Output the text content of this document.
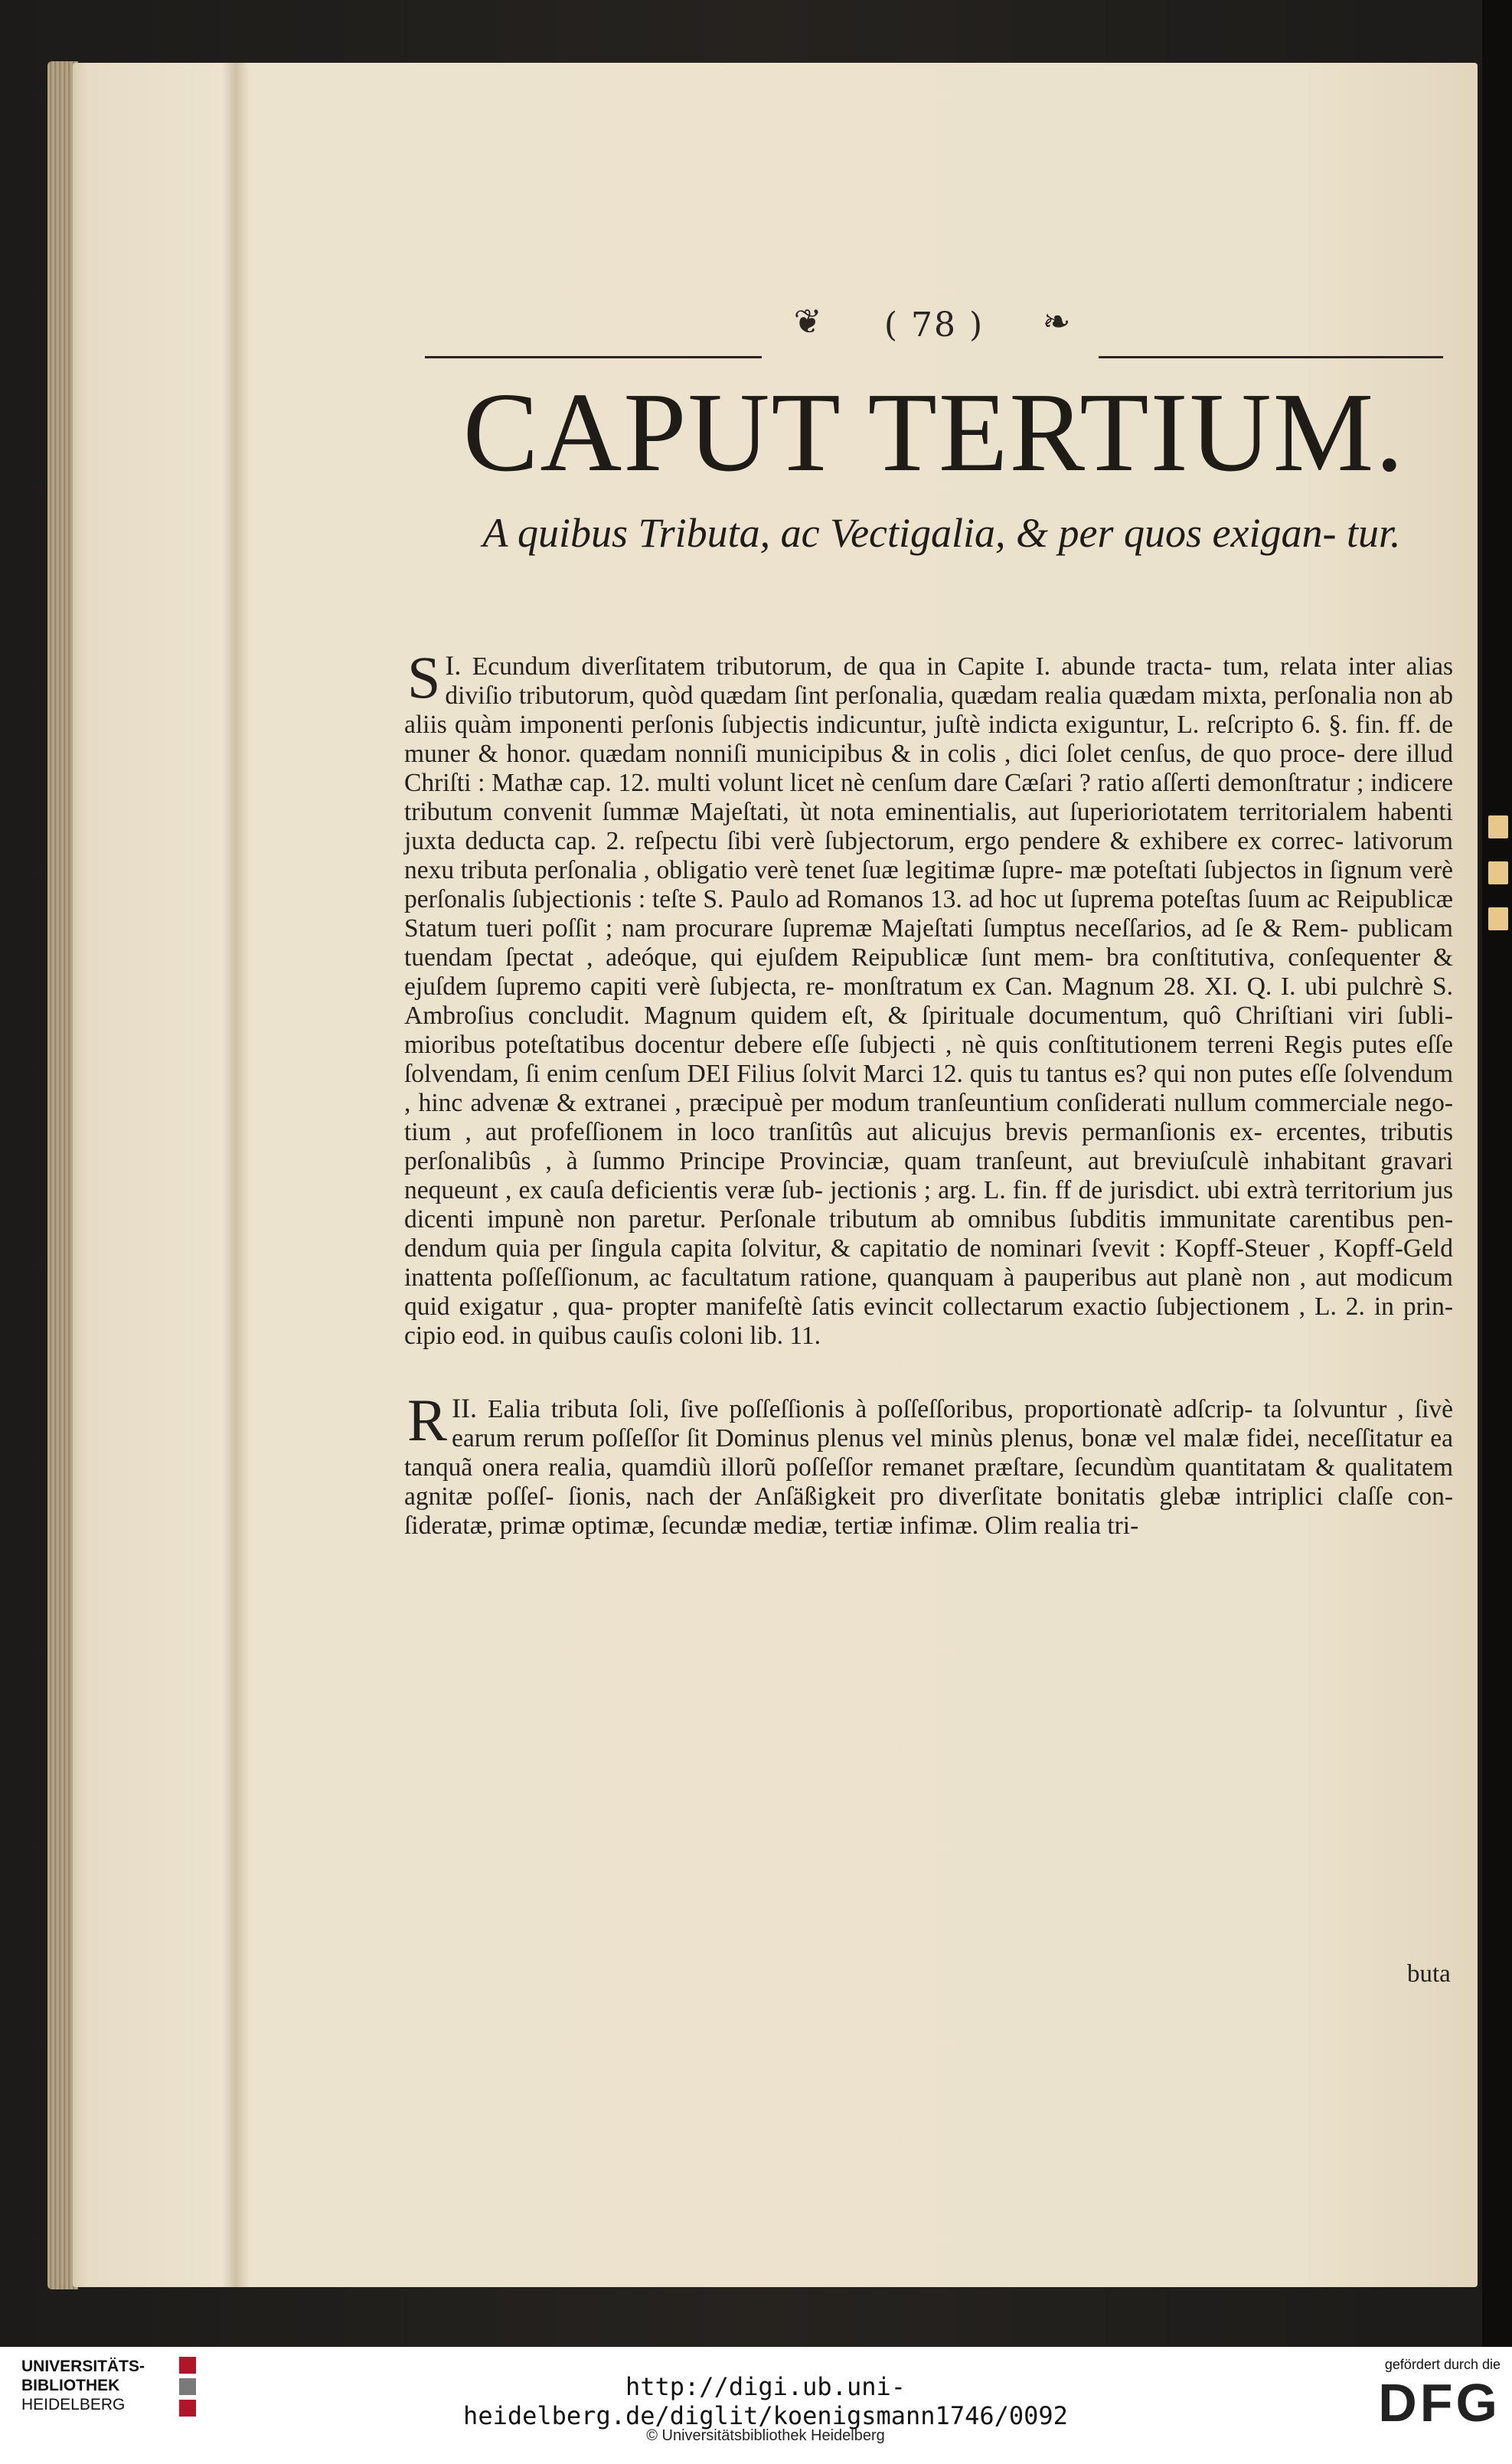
❦	( 78 )	❧
CAPUT TERTIUM.
A quibus Tributa, ac Vectigalia, & per quos exigan- tur.

I.
S Ecundum diverſitatem tributorum, de qua in Capite I. abunde tracta- tum, relata inter alias diviſio tributorum, quòd quædam ſint perſonalia, quædam realia quædam mixta, perſonalia non ab aliis quàm imponenti perſonis ſubjectis indicuntur, juſtè indicta exiguntur, L. reſcripto 6. §. fin. ff. de muner & honor. quædam nonniſi municipibus & in colis , dici ſolet cenſus, de quo proce- dere illud Chriſti : Mathæ cap. 12. multi volunt licet nè cenſum dare Cæſari ? ratio aſſerti demonſtratur ; indicere tributum convenit ſummæ Majeſtati, ùt nota eminentialis, aut ſuperioriotatem territorialem habenti juxta deducta cap. 2. reſpectu ſibi verè ſubjectorum, ergo pendere & exhibere ex correc- lativorum nexu tributa perſonalia , obligatio verè tenet ſuæ legitimæ ſupre- mæ poteſtati ſubjectos in ſignum verè perſonalis ſubjectionis : teſte S. Paulo ad Romanos 13. ad hoc ut ſuprema poteſtas ſuum ac Reipublicæ Statum tueri poſſit ; nam procurare ſupremæ Majeſtati ſumptus neceſſarios, ad ſe & Rem- publicam tuendam ſpectat , adeóque, qui ejuſdem Reipublicæ ſunt mem- bra conſtitutiva, conſequenter & ejuſdem ſupremo capiti verè ſubjecta, re- monſtratum ex Can. Magnum 28. XI. Q. I. ubi pulchrè S. Ambroſius concludit. Magnum quidem eſt, & ſpirituale documentum, quô Chriſtiani viri ſubli- mioribus poteſtatibus docentur debere eſſe ſubjecti , nè quis conſtitutionem terreni Regis putes eſſe ſolvendam, ſi enim cenſum DEI Filius ſolvit Marci 12. quis tu tantus es? qui non putes eſſe ſolvendum , hinc advenæ & extranei , præcipuè per modum tranſeuntium conſiderati nullum commerciale nego- tium , aut profeſſionem in loco tranſitûs aut alicujus brevis permanſionis ex- ercentes, tributis perſonalibûs , à ſummo Principe Provinciæ, quam tranſeunt, aut breviuſculè inhabitant gravari nequeunt , ex cauſa deficientis veræ ſub- jectionis ; arg. L. fin. ff de jurisdict. ubi extrà territorium jus dicenti impunè non paretur. Perſonale tributum ab omnibus ſubditis immunitate carentibus pen- dendum quia per ſingula capita ſolvitur, & capitatio de nominari ſvevit : Kopff-Steuer , Kopff-Geld inattenta poſſeſſionum, ac facultatum ratione, quanquam à pauperibus aut planè non , aut modicum quid exigatur , qua- propter manifeſtè ſatis evincit collectarum exactio ſubjectionem , L. 2. in prin- cipio eod. in quibus cauſis coloni lib. 11.

II.
R Ealia tributa ſoli, ſive poſſeſſionis à poſſeſſoribus, proportionatè adſcrip- ta ſolvuntur , ſivè earum rerum poſſeſſor ſit Dominus plenus vel minùs plenus, bonæ vel malæ fidei, neceſſitatur ea tanquã onera realia, quamdiù illorũ poſſeſſor remanet præſtare, ſecundùm quantitatam & qualitatem agnitæ poſſeſ- ſionis, nach der Anſäßigkeit pro diverſitate bonitatis glebæ intriplici claſſe con- ſideratæ, primæ optimæ, ſecundæ mediæ, tertiæ infimæ. Olim realia tri-

buta
UNIVERSITÄTS-
BIBLIOTHEK
HEIDELBERG
http://digi.ub.uni-heidelberg.de/diglit/koenigsmann1746/0092
© Universitätsbibliothek Heidelberg
gefördert durch die
DFG
